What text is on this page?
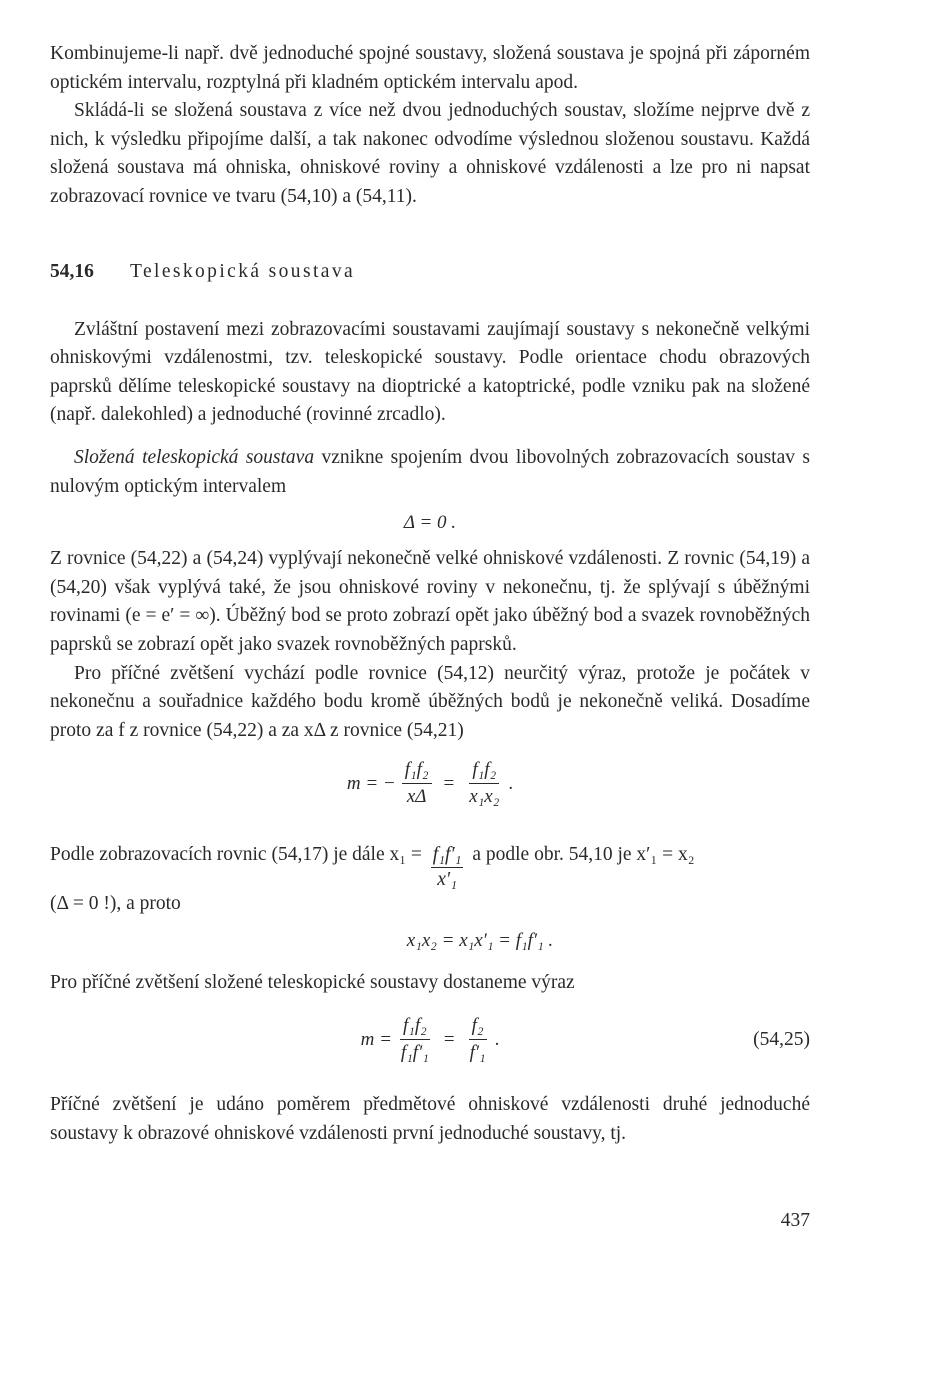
Kombinujeme-li např. dvě jednoduché spojné soustavy, složená soustava je spojná při záporném optickém intervalu, rozptylná při kladném optickém intervalu apod.

Skládá-li se složená soustava z více než dvou jednoduchých soustav, složíme nejprve dvě z nich, k výsledku připojíme další, a tak nakonec odvodíme výslednou složenou soustavu. Každá složená soustava má ohniska, ohniskové roviny a ohniskové vzdálenosti a lze pro ni napsat zobrazovací rovnice ve tvaru (54,10) a (54,11).

54,16 Teleskopická soustava

Zvláštní postavení mezi zobrazovacími soustavami zaujímají soustavy s nekonečně velkými ohniskovými vzdálenostmi, tzv. teleskopické soustavy. Podle orientace chodu obrazových paprsků dělíme teleskopické soustavy na dioptrické a katoptrické, podle vzniku pak na složené (např. dalekohled) a jednoduché (rovinné zrcadlo).

Složená teleskopická soustava vznikne spojením dvou libovolných zobrazovacích soustav s nulovým optickým intervalem

Δ = 0 .

Z rovnice (54,22) a (54,24) vyplývají nekonečně velké ohniskové vzdálenosti. Z rovnic (54,19) a (54,20) však vyplývá také, že jsou ohniskové roviny v nekonečnu, tj. že splývají s úběžnými rovinami (e = e′ = ∞). Úběžný bod se proto zobrazí opět jako úběžný bod a svazek rovnoběžných paprsků se zobrazí opět jako svazek rovnoběžných paprsků.

Pro příčné zvětšení vychází podle rovnice (54,12) neurčitý výraz, protože je počátek v nekonečnu a souřadnice každého bodu kromě úběžných bodů je nekonečně veliká. Dosadíme proto za f z rovnice (54,22) a za xΔ z rovnice (54,21)

m = − $\frac{\text{f₁f₂}}{x\Delta} = \frac{\text{f₁f₂}}{\text{x₁x₂}}$ .

Podle zobrazovacích rovnic (54,17) je dále $x_1 = \frac{\text{f₁f′₁}}{\text{x′₁}}$ a podle obr. 54,10 je x′₁ = x₂

(Δ = 0 !), a proto

x₁x₂ = x₁x′₁ = f₁f′₁ .

Pro příčné zvětšení složené teleskopické soustavy dostaneme výraz

$m = \frac{\text{f₁f₂}}{\text{f₁f′₁}} = \frac{\text{f₂}}{\text{f′₁}}$ .	(54,25)

Příčné zvětšení je udáno poměrem předmětové ohniskové vzdálenosti druhé jednoduché soustavy k obrazové ohniskové vzdálenosti první jednoduché soustavy, tj.

437
